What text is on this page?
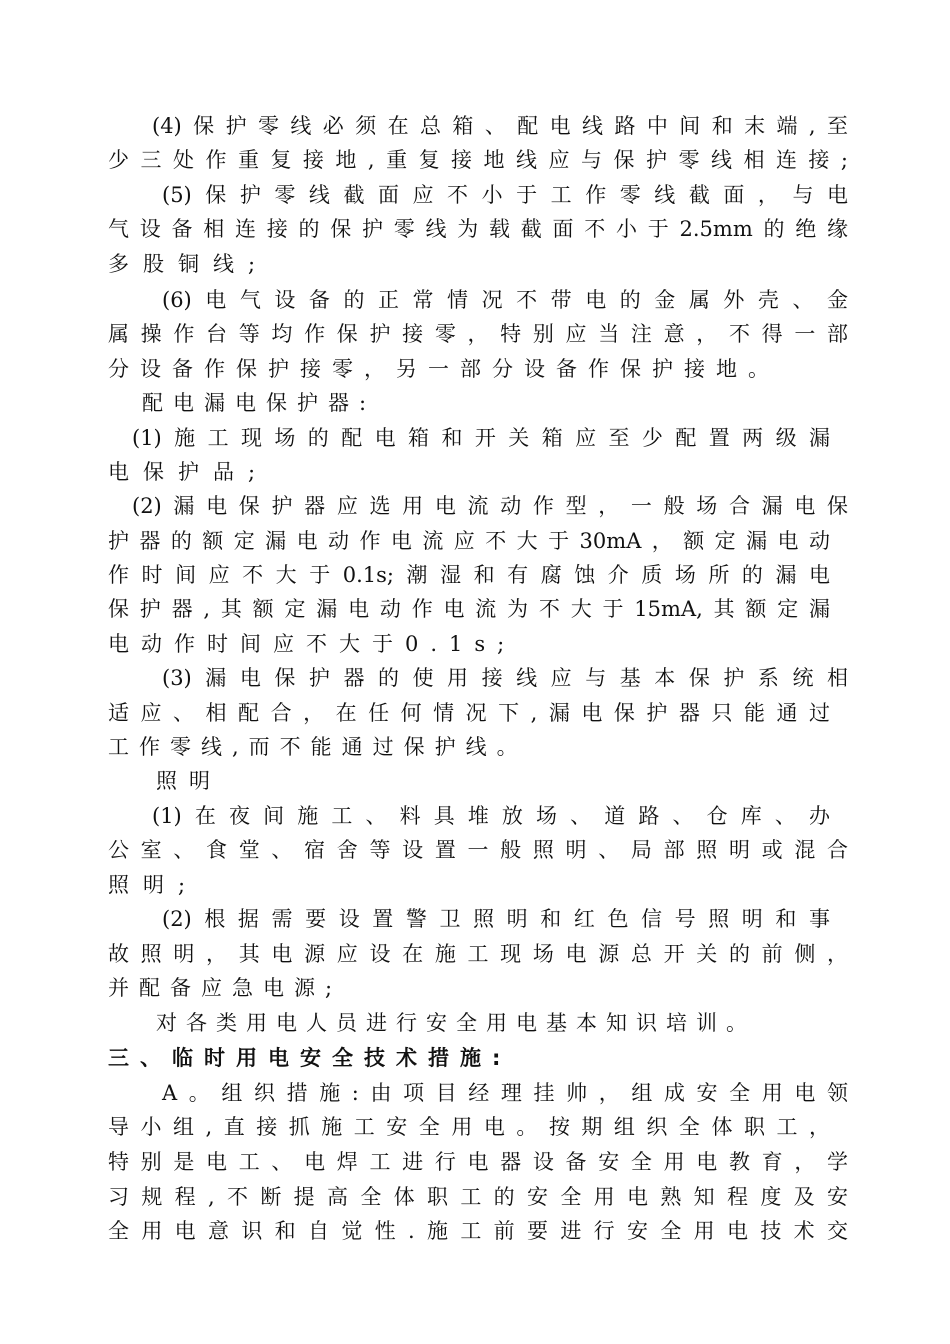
(4)保护零线必须在总箱、配电线路中间和末端,至
少三处作重复接地,重复接地线应与保护零线相连接;
(5)保护零线截面应不小于工作零线截面，与电
气设备相连接的保护零线为载截面不小于2.5mm的绝缘
多股铜线;
(6)电气设备的正常情况不带电的金属外壳、金
属操作台等均作保护接零，特别应当注意，不得一部
分设备作保护接零，另一部分设备作保护接地。
配电漏电保护器:
(1)施工现场的配电箱和开关箱应至少配置两级漏
电保护品;
(2)漏电保护器应选用电流动作型，一般场合漏电保
护器的额定漏电动作电流应不大于30mA，额定漏电动
作时间应不大于0.1s;潮湿和有腐蚀介质场所的漏电
保护器,其额定漏电动作电流为不大于15mA,其额定漏
电动作时间应不大于0.1s;
(3)漏电保护器的使用接线应与基本保护系统相
适应、相配合，在任何情况下,漏电保护器只能通过
工作零线,而不能通过保护线。
照明
(1)在夜间施工、料具堆放场、道路、仓库、办
公室、食堂、宿舍等设置一般照明、局部照明或混合
照明;
(2)根据需要设置警卫照明和红色信号照明和事
故照明，其电源应设在施工现场电源总开关的前侧，
并配备应急电源;
对各类用电人员进行安全用电基本知识培训。
三、临时用电安全技术措施:
A。组织措施:由项目经理挂帅，组成安全用电领
导小组,直接抓施工安全用电。按期组织全体职工，
特别是电工、电焊工进行电器设备安全用电教育，学
习规程,不断提高全体职工的安全用电熟知程度及安
全用电意识和自觉性.施工前要进行安全用电技术交
